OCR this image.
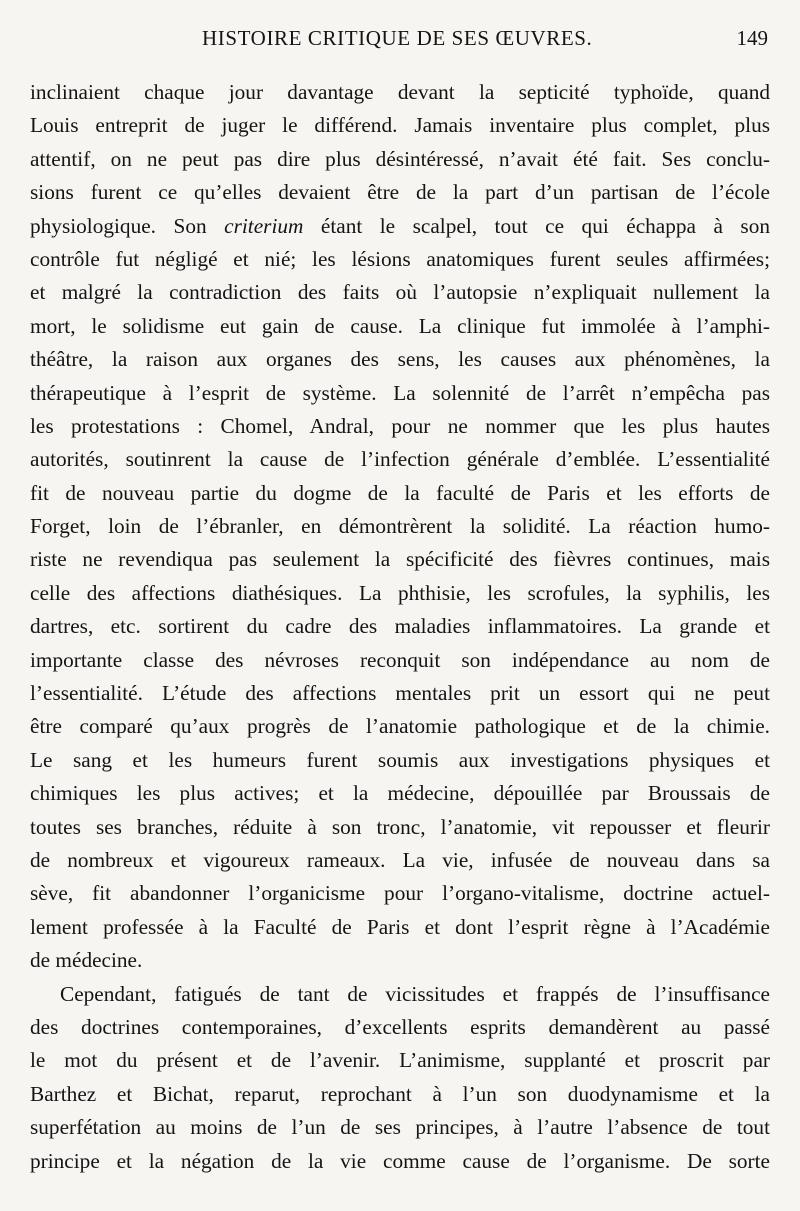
HISTOIRE CRITIQUE DE SES ŒUVRES.	149
inclinaient chaque jour davantage devant la septicité typhoïde, quand
Louis entreprit de juger le différend. Jamais inventaire plus complet, plus
attentif, on ne peut pas dire plus désintéressé, n’avait été fait. Ses conclu-
sions furent ce qu’elles devaient être de la part d’un partisan de l’école
physiologique. Son criterium étant le scalpel, tout ce qui échappa à son
contrôle fut négligé et nié; les lésions anatomiques furent seules affirmées;
et malgré la contradiction des faits où l’autopsie n’expliquait nullement la
mort, le solidisme eut gain de cause. La clinique fut immolée à l’amphi-
théâtre, la raison aux organes des sens, les causes aux phénomènes, la
thérapeutique à l’esprit de système. La solennité de l’arrêt n’empêcha pas
les protestations : Chomel, Andral, pour ne nommer que les plus hautes
autorités, soutinrent la cause de l’infection générale d’emblée. L’essentialité
fit de nouveau partie du dogme de la faculté de Paris et les efforts de
Forget, loin de l’ébranler, en démontrèrent la solidité. La réaction humo-
riste ne revendiqua pas seulement la spécificité des fièvres continues, mais
celle des affections diathésiques. La phthisie, les scrofules, la syphilis, les
dartres, etc. sortirent du cadre des maladies inflammatoires. La grande et
importante classe des névroses reconquit son indépendance au nom de
l’essentialité. L’étude des affections mentales prit un essort qui ne peut
être comparé qu’aux progrès de l’anatomie pathologique et de la chimie.
Le sang et les humeurs furent soumis aux investigations physiques et
chimiques les plus actives; et la médecine, dépouillée par Broussais de
toutes ses branches, réduite à son tronc, l’anatomie, vit repousser et fleurir
de nombreux et vigoureux rameaux. La vie, infusée de nouveau dans sa
sève, fit abandonner l’organicisme pour l’organo-vitalisme, doctrine actuel-
lement professée à la Faculté de Paris et dont l’esprit règne à l’Académie
de médecine.
Cependant, fatigués de tant de vicissitudes et frappés de l’insuffisance
des doctrines contemporaines, d’excellents esprits demandèrent au passé
le mot du présent et de l’avenir. L’animisme, supplanté et proscrit par
Barthez et Bichat, reparut, reprochant à l’un son duodynamisme et la
superfétation au moins de l’un de ses principes, à l’autre l’absence de tout
principe et la négation de la vie comme cause de l’organisme. De sorte
